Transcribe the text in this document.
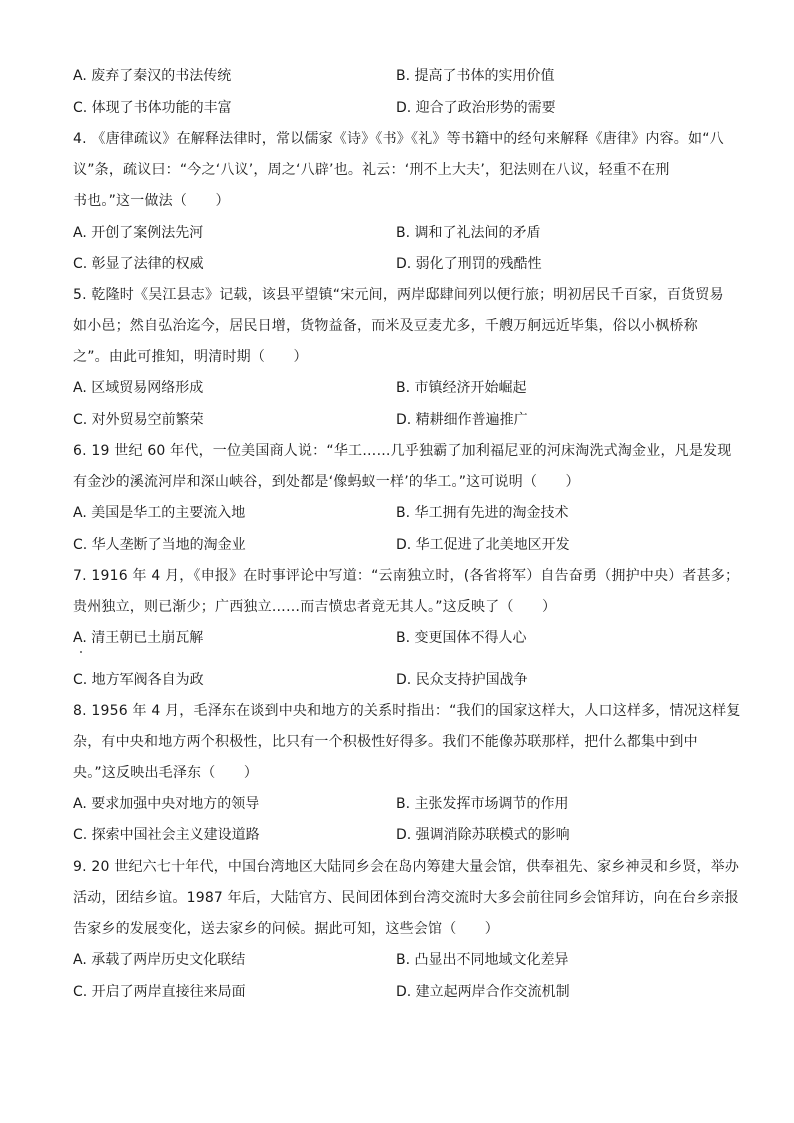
A. 废弃了秦汉的书法传统	B. 提高了书体的实用价值
C. 体现了书体功能的丰富	D. 迎合了政治形势的需要
4. 《唐律疏议》在解释法律时，常以儒家《诗》《书》《礼》等书籍中的经句来解释《唐律》内容。如“八
议”条，疏议曰：“今之‘八议’，周之‘八辟’也。礼云：‘刑不上大夫’，犯法则在八议，轻重不在刑
书也。”这一做法（　　）
A. 开创了案例法先河	B. 调和了礼法间的矛盾
C. 彰显了法律的权威	D. 弱化了刑罚的残酷性
5. 乾隆时《吴江县志》记载，该县平望镇“宋元间，两岸邸肆间列以便行旅；明初居民千百家，百货贸易
如小邑；然自弘治迄今，居民日增，货物益备，而米及豆麦尤多，千艘万舸远近毕集，俗以小枫桥称
之”。由此可推知，明清时期（　　）
A. 区域贸易网络形成	B. 市镇经济开始崛起
C. 对外贸易空前繁荣	D. 精耕细作普遍推广
6. 19 世纪 60 年代，一位美国商人说：“华工……几乎独霸了加利福尼亚的河床淘洗式淘金业，凡是发现
有金沙的溪流河岸和深山峡谷，到处都是‘像蚂蚁一样’的华工。”这可说明（　　）
A. 美国是华工的主要流入地	B. 华工拥有先进的淘金技术
C. 华人垄断了当地的淘金业	D. 华工促进了北美地区开发
7. 1916 年 4 月，《申报》在时事评论中写道：“云南独立时，(各省将军）自告奋勇（拥护中央）者甚多；
贵州独立，则已渐少；广西独立……而吉愤忠者竟无其人。”这反映了（　　）
A. 清王朝已土崩瓦解	B. 变更国体不得人心
C. 地方军阀各自为政	D. 民众支持护国战争
8. 1956 年 4 月，毛泽东在谈到中央和地方的关系时指出：“我们的国家这样大，人口这样多，情况这样复
杂，有中央和地方两个积极性，比只有一个积极性好得多。我们不能像苏联那样，把什么都集中到中
央。”这反映出毛泽东（　　）
A. 要求加强中央对地方的领导	B. 主张发挥市场调节的作用
C. 探索中国社会主义建设道路	D. 强调消除苏联模式的影响
9. 20 世纪六七十年代，中国台湾地区大陆同乡会在岛内筹建大量会馆，供奉祖先、家乡神灵和乡贤，举办
活动，团结乡谊。1987 年后，大陆官方、民间团体到台湾交流时大多会前往同乡会馆拜访，向在台乡亲报
告家乡的发展变化，送去家乡的问候。据此可知，这些会馆（　　）
A. 承载了两岸历史文化联结	B. 凸显出不同地域文化差异
C. 开启了两岸直接往来局面	D. 建立起两岸合作交流机制
